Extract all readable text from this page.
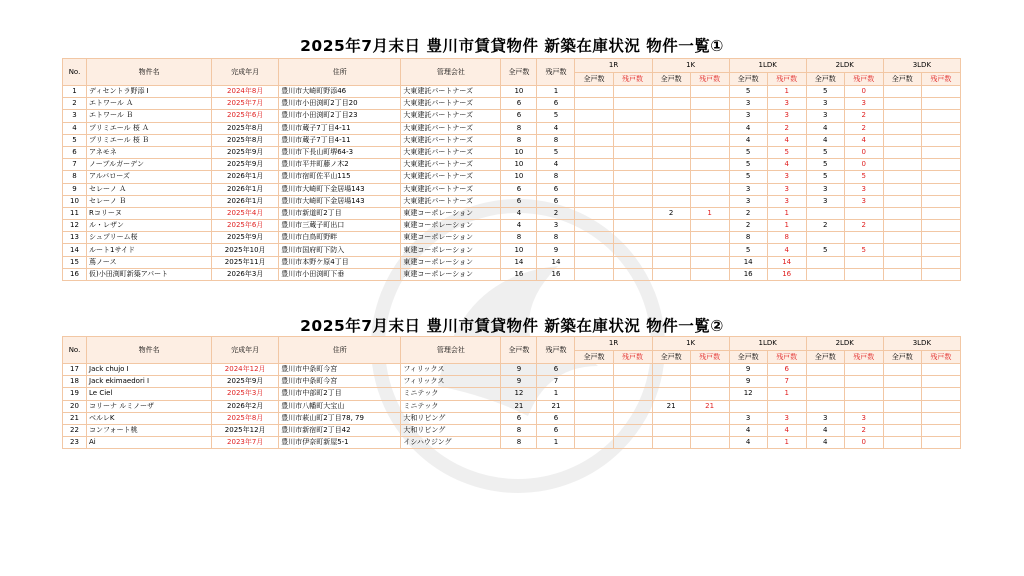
2025年7月末日 豊川市賃貸物件 新築在庫状況 物件一覧①
No.	物件名	完成年月	住所	管理会社	全戸数	残戸数	1R		1K		1LDK		2LDK		3LDK	
							全戸数	残戸数	全戸数	残戸数	全戸数	残戸数	全戸数	残戸数	全戸数	残戸数
1	ディセントラ野添 Ⅰ	2024年8月	豊川市大崎町野添46	大東建託パートナーズ	10	1					5	1	5	0		
2	エトワール Ａ	2025年7月	豊川市小田渕町2丁目20	大東建託パートナーズ	6	6					3	3	3	3		
3	エトワール Ｂ	2025年6月	豊川市小田渕町2丁目23	大東建託パートナーズ	6	5					3	3	3	2		
4	プリミエール 桜 Ａ	2025年8月	豊川市蔵子7丁目4-11	大東建託パートナーズ	8	4					4	2	4	2		
5	プリミエール 桜 Ｂ	2025年8月	豊川市蔵子7丁目4-11	大東建託パートナーズ	8	8					4	4	4	4		
6	アネモネ	2025年9月	豊川市下長山町堺64-3	大東建託パートナーズ	10	5					5	5	5	0		
7	ノーブルガーデン	2025年9月	豊川市平井町藤ノ木2	大東建託パートナーズ	10	4					5	4	5	0		
8	アルバローズ	2026年1月	豊川市宿町佐平山115	大東建託パートナーズ	10	8					5	3	5	5		
9	セレーノ Ａ	2026年1月	豊川市大崎町下金居場143	大東建託パートナーズ	6	6					3	3	3	3		
10	セレーノ Ｂ	2026年1月	豊川市大崎町下金居場143	大東建託パートナーズ	6	6					3	3	3	3		
11	Rコリーヌ	2025年4月	豊川市新道町2丁目	東建コーポレーション	4	2			2	1	2	1				
12	ル・レザン	2025年6月	豊川市三蔵子町出口	東建コーポレーション	4	3					2	1	2	2		
13	シュプリーム桜	2025年9月	豊川市白鳥町野畔	東建コーポレーション	8	8					8	8				
14	ルート1サイド	2025年10月	豊川市国府町下防入	東建コーポレーション	10	9					5	4	5	5		
15	蔦ノース	2025年11月	豊川市本野ケ原4丁目	東建コーポレーション	14	14					14	14				
16	仮)小田渕町新築アパート	2026年3月	豊川市小田渕町下垂	東建コーポレーション	16	16					16	16				
2025年7月末日 豊川市賃貸物件 新築在庫状況 物件一覧②
No.	物件名	完成年月	住所	管理会社	全戸数	残戸数	1R		1K		1LDK		2LDK		3LDK	
							全戸数	残戸数	全戸数	残戸数	全戸数	残戸数	全戸数	残戸数	全戸数	残戸数
17	Jack chujo Ⅰ	2024年12月	豊川市中条町今宮	フィリックス	9	6					9	6				
18	Jack ekimaedori Ⅰ	2025年9月	豊川市中条町今宮	フィリックス	9	7					9	7				
19	Le Ciel	2025年3月	豊川市中部町2丁目	ミニテック	12	1					12	1				
20	コリーナ ルミノーザ	2026年2月	豊川市八幡町大宝山	ミニテック	21	21			21	21						
21	ベルレK	2025年8月	豊川市萩山町2丁目78, 79	大和リビング	6	6					3	3	3	3		
22	コンフォート桃	2025年12月	豊川市新宿町2丁目42	大和リビング	8	6					4	4	4	2		
23	Ai	2023年7月	豊川市伊奈町新屋5-1	イシハウジング	8	1					4	1	4	0		
